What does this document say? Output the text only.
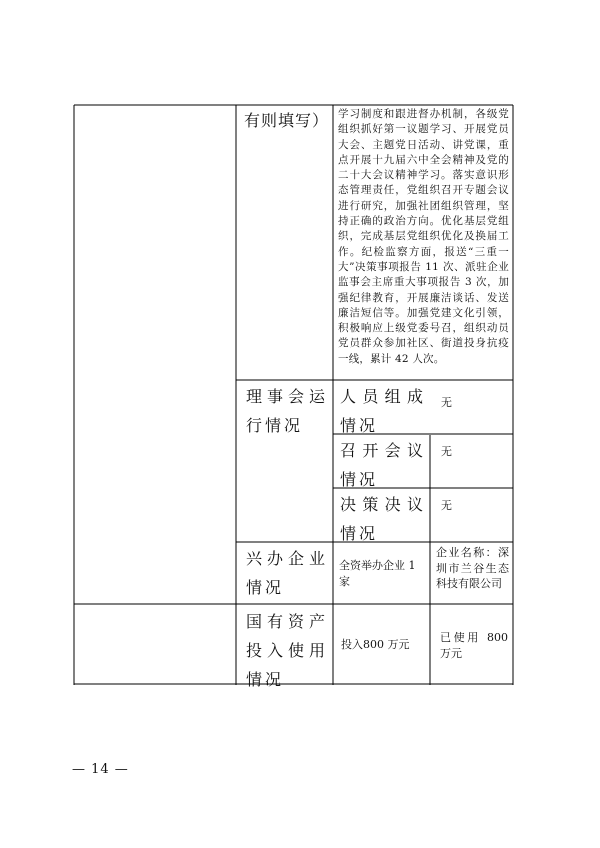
有则填写） 学习制度和跟进督办机制，各级党组织抓好第一议题学习、开展党员大会、主题党日活动、讲党课，重点开展十九届六中全会精神及党的二十大会议精神学习。落实意识形态管理责任，党组织召开专题会议进行研究，加强社团组织管理，坚持正确的政治方向。优化基层党组织，完成基层党组织优化及换届工作。纪检监察方面，报送“三重一大”决策事项报告 11 次、派驻企业监事会主席重大事项报告 3 次，加强纪律教育，开展廉洁谈话、发送廉洁短信等。加强党建文化引领，积极响应上级党委号召，组织动员党员群众参加社区、街道投身抗疫一线，累计 42 人次。
理事会运行情况
人员组成情况
无
召开会议情况
无
决策决议情况
无
兴办企业情况
全资举办企业 1 家
企业名称：深圳市兰谷生态科技有限公司
国有资产投入使用情况
投入800 万元
已使用 800 万元
— 14 —
